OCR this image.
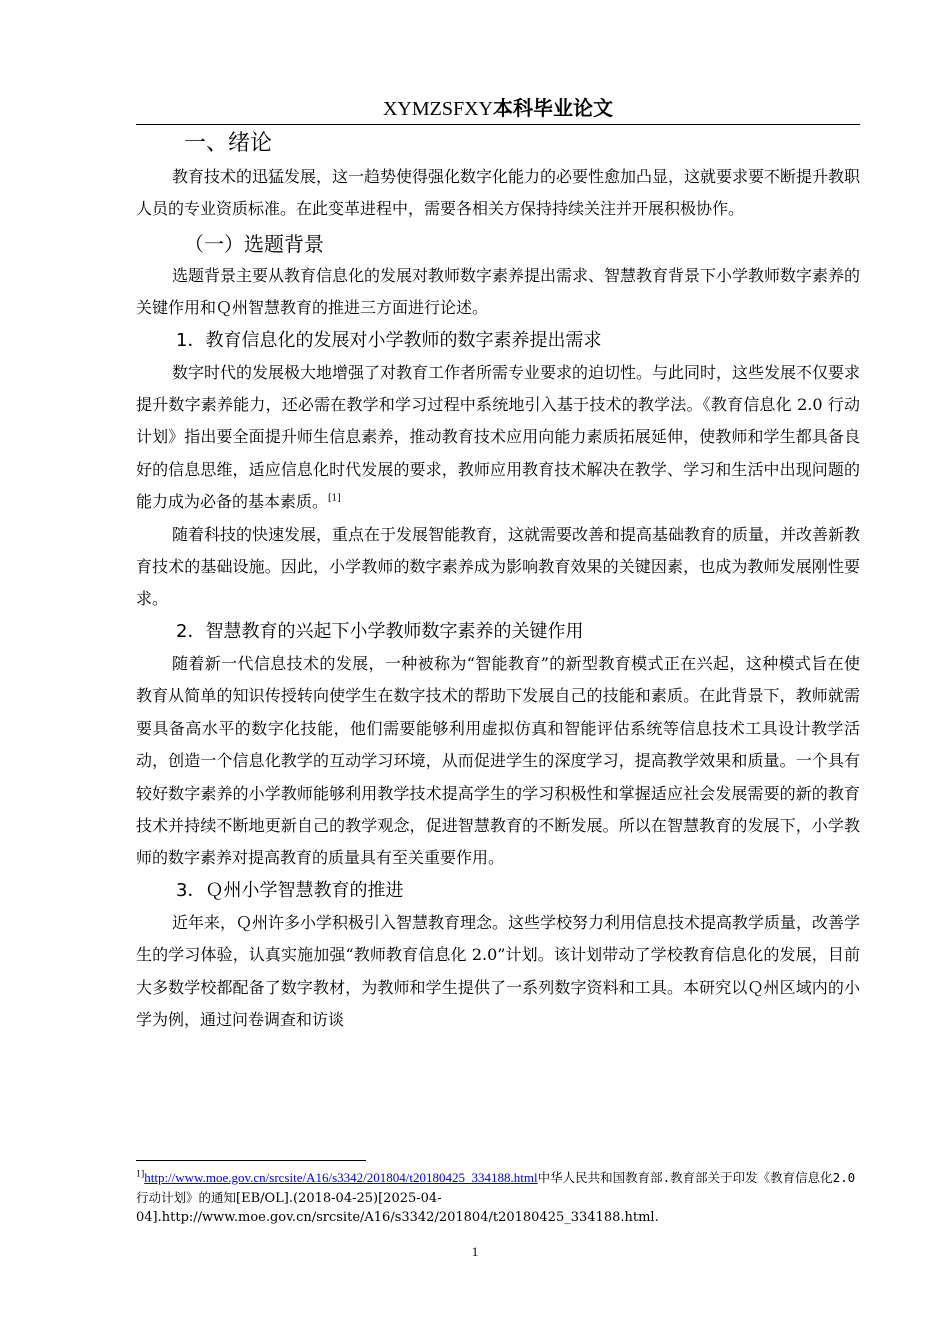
XYMZSFXY本科毕业论文
一、绪论

教育技术的迅猛发展，这一趋势使得强化数字化能力的必要性愈加凸显，这就要求要不断提升教职人员的专业资质标准。在此变革进程中，需要各相关方保持持续关注并开展积极协作。

（一）选题背景

选题背景主要从教育信息化的发展对教师数字素养提出需求、智慧教育背景下小学教师数字素养的关键作用和Ｑ州智慧教育的推进三方面进行论述。

1．教育信息化的发展对小学教师的数字素养提出需求

数字时代的发展极大地增强了对教育工作者所需专业要求的迫切性。与此同时，这些发展不仅要求提升数字素养能力，还必需在教学和学习过程中系统地引入基于技术的教学法。《教育信息化 2.0 行动计划》指出要全面提升师生信息素养，推动教育技术应用向能力素质拓展延伸，使教师和学生都具备良好的信息思维，适应信息化时代发展的要求，教师应用教育技术解决在教学、学习和生活中出现问题的能力成为必备的基本素质。[1]

随着科技的快速发展，重点在于发展智能教育，这就需要改善和提高基础教育的质量，并改善新教育技术的基础设施。因此，小学教师的数字素养成为影响教育效果的关键因素，也成为教师发展刚性要求。

2．智慧教育的兴起下小学教师数字素养的关键作用

随着新一代信息技术的发展，一种被称为“智能教育”的新型教育模式正在兴起，这种模式旨在使教育从简单的知识传授转向使学生在数字技术的帮助下发展自己的技能和素质。在此背景下，教师就需要具备高水平的数字化技能，他们需要能够利用虚拟仿真和智能评估系统等信息技术工具设计教学活动，创造一个信息化教学的互动学习环境，从而促进学生的深度学习，提高教学效果和质量。一个具有较好数字素养的小学教师能够利用教学技术提高学生的学习积极性和掌握适应社会发展需要的新的教育技术并持续不断地更新自己的教学观念，促进智慧教育的不断发展。所以在智慧教育的发展下，小学教师的数字素养对提高教育的质量具有至关重要作用。

3．Ｑ州小学智慧教育的推进

近年来，Ｑ州许多小学积极引入智慧教育理念。这些学校努力利用信息技术提高教学质量，改善学生的学习体验，认真实施加强“教师教育信息化 2.0”计划。该计划带动了学校教育信息化的发展，目前大多数学校都配备了数字教材，为教师和学生提供了一系列数字资料和工具。本研究以Ｑ州区域内的小学为例，通过问卷调查和访谈

$^{1]}$http://www.moe.gov.cn/srcsite/A16/s3342/201804/t20180425_334188.html中华人民共和国教育部.教育部关于印发《教育信息化2.0行动计划》的通知[EB/OL].(2018-04-25)[2025-04-04].http://www.moe.gov.cn/srcsite/A16/s3342/201804/t20180425_334188.html.
1
